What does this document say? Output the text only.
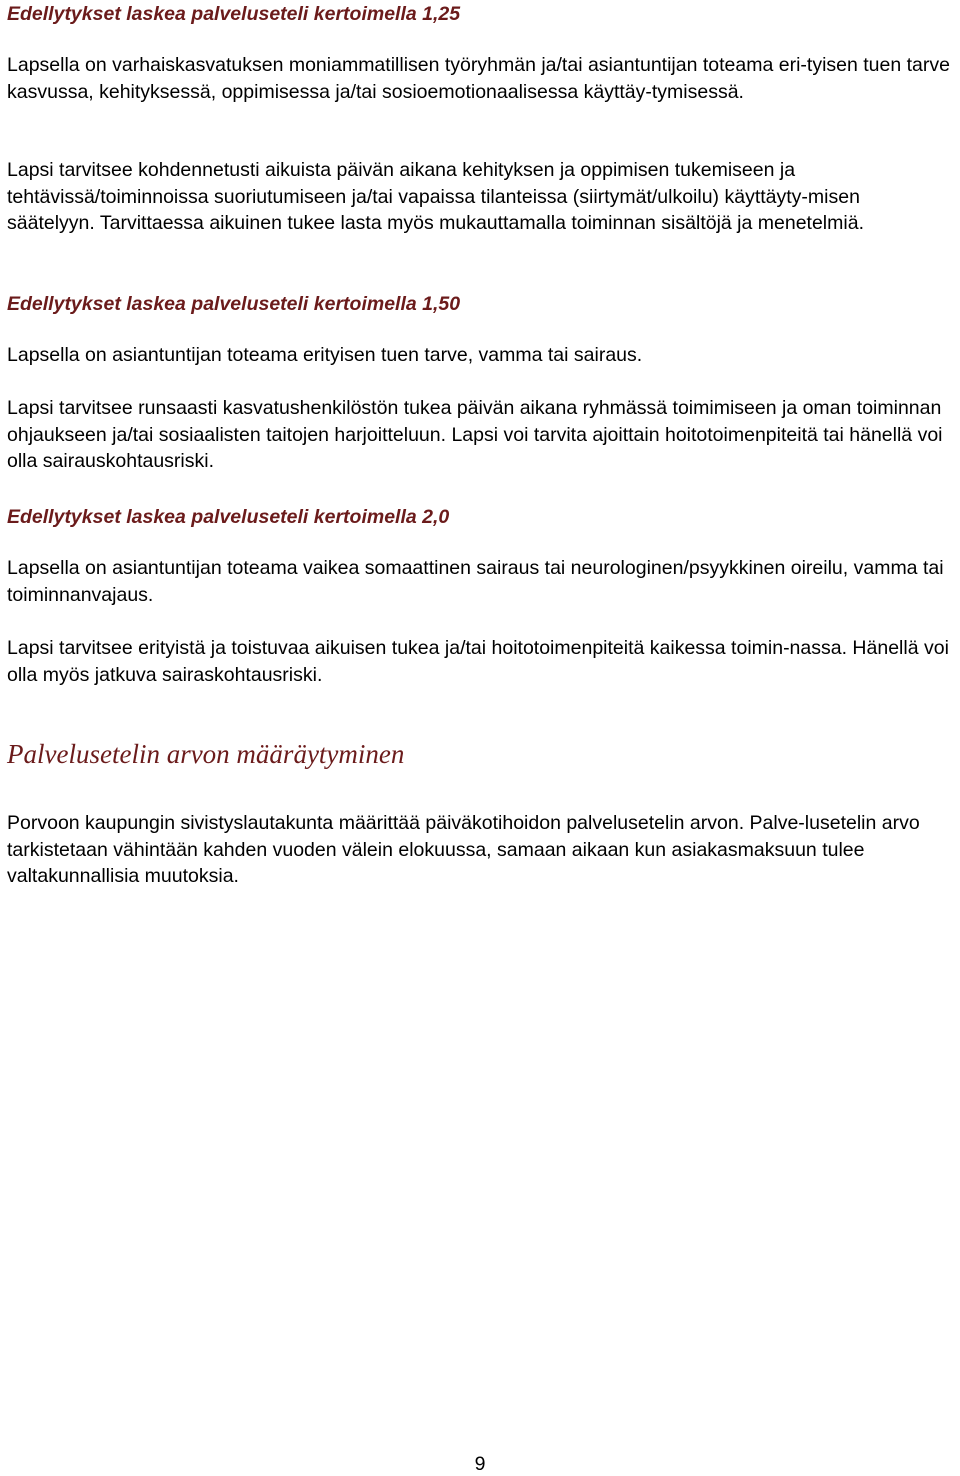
Edellytykset laskea palveluseteli kertoimella 1,25

Lapsella on varhaiskasvatuksen moniammatillisen työryhmän ja/tai asiantuntijan toteama eri-tyisen tuen tarve kasvussa, kehityksessä, oppimisessa ja/tai sosioemotionaalisessa käyttäy-tymisessä.

Lapsi tarvitsee kohdennetusti aikuista päivän aikana kehityksen ja oppimisen tukemiseen ja tehtävissä/toiminnoissa suoriutumiseen ja/tai vapaissa tilanteissa (siirtymät/ulkoilu) käyttäyty-misen säätelyyn. Tarvittaessa aikuinen tukee lasta myös mukauttamalla toiminnan sisältöjä ja menetelmiä.

Edellytykset laskea palveluseteli kertoimella 1,50

Lapsella on asiantuntijan toteama erityisen tuen tarve, vamma tai sairaus.

Lapsi tarvitsee runsaasti kasvatushenkilöstön tukea päivän aikana ryhmässä toimimiseen ja oman toiminnan ohjaukseen ja/tai sosiaalisten taitojen harjoitteluun. Lapsi voi tarvita ajoittain hoitotoimenpiteitä tai hänellä voi olla sairauskohtausriski.

Edellytykset laskea palveluseteli kertoimella 2,0

Lapsella on asiantuntijan toteama vaikea somaattinen sairaus tai neurologinen/psyykkinen oireilu, vamma tai toiminnanvajaus.

Lapsi tarvitsee erityistä ja toistuvaa aikuisen tukea ja/tai hoitotoimenpiteitä kaikessa toimin-nassa. Hänellä voi olla myös jatkuva sairaskohtausriski.

Palvelusetelin arvon määräytyminen

Porvoon kaupungin sivistyslautakunta määrittää päiväkotihoidon palvelusetelin arvon. Palve-lusetelin arvo tarkistetaan vähintään kahden vuoden välein elokuussa, samaan aikaan kun asiakasmaksuun tulee valtakunnallisia muutoksia.

9
